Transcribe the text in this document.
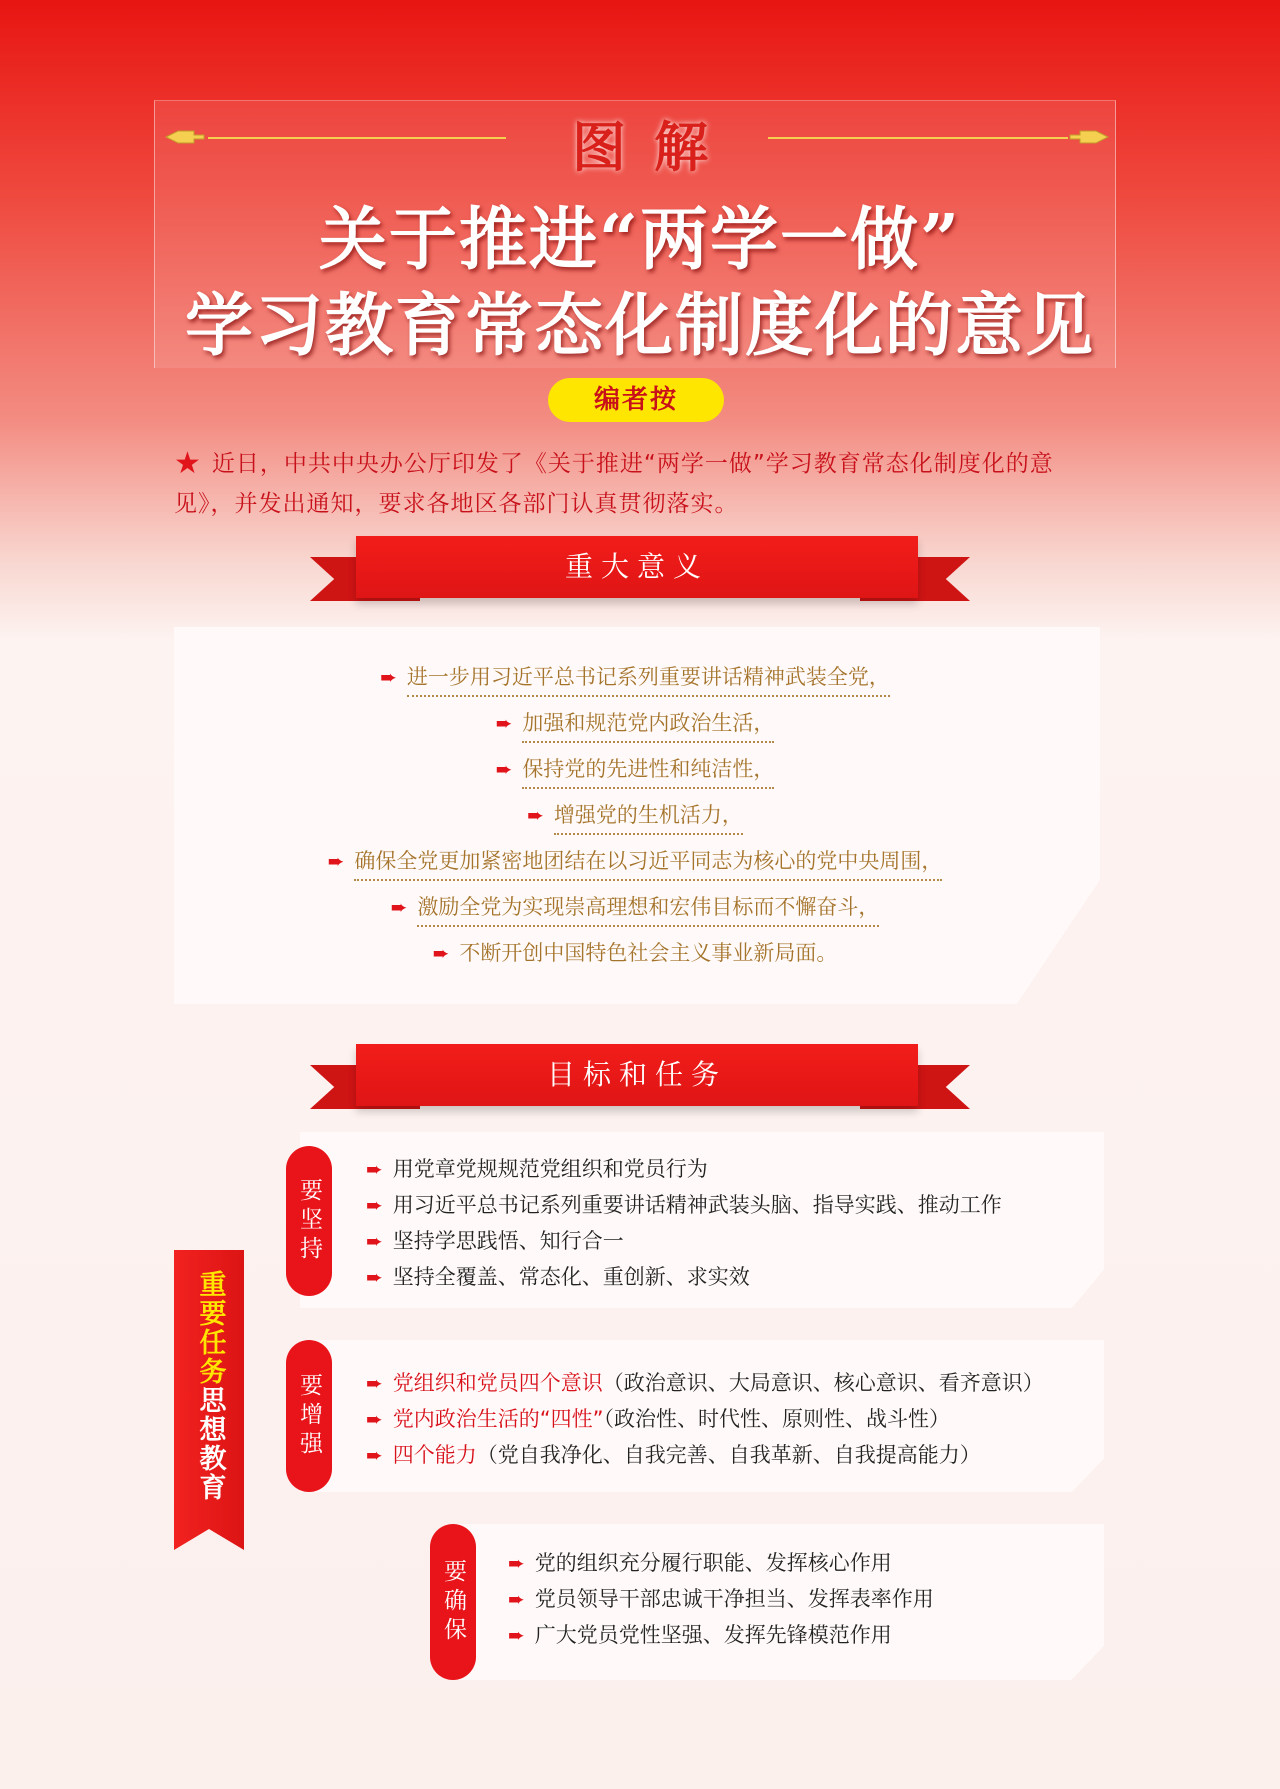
图解
关于推进“两学一做”
学习教育常态化制度化的意见
编者按
★ 近日，中共中央办公厅印发了《关于推进“两学一做”学习教育常态化制度化的意见》，并发出通知，要求各地区各部门认真贯彻落实。
重大意义
➨ 进一步用习近平总书记系列重要讲话精神武装全党，
➨ 加强和规范党内政治生活，
➨ 保持党的先进性和纯洁性，
➨ 增强党的生机活力，
➨ 确保全党更加紧密地团结在以习近平同志为核心的党中央周围，
➨ 激励全党为实现崇高理想和宏伟目标而不懈奋斗，
➨ 不断开创中国特色社会主义事业新局面。
目标和任务
重要任务
思想教育
要坚持
➨ 用党章党规规范党组织和党员行为
➨ 用习近平总书记系列重要讲话精神武装头脑、指导实践、推动工作
➨ 坚持学思践悟、知行合一
➨ 坚持全覆盖、常态化、重创新、求实效
要增强 ➨ 党组织和党员四个意识（政治意识、大局意识、核心意识、看齐意识）
➨ 党内政治生活的“四性”（政治性、时代性、原则性、战斗性）
➨ 四个能力（党自我净化、自我完善、自我革新、自我提高能力）
要确保 ➨ 党的组织充分履行职能、发挥核心作用
➨ 党员领导干部忠诚干净担当、发挥表率作用
➨ 广大党员党性坚强、发挥先锋模范作用
